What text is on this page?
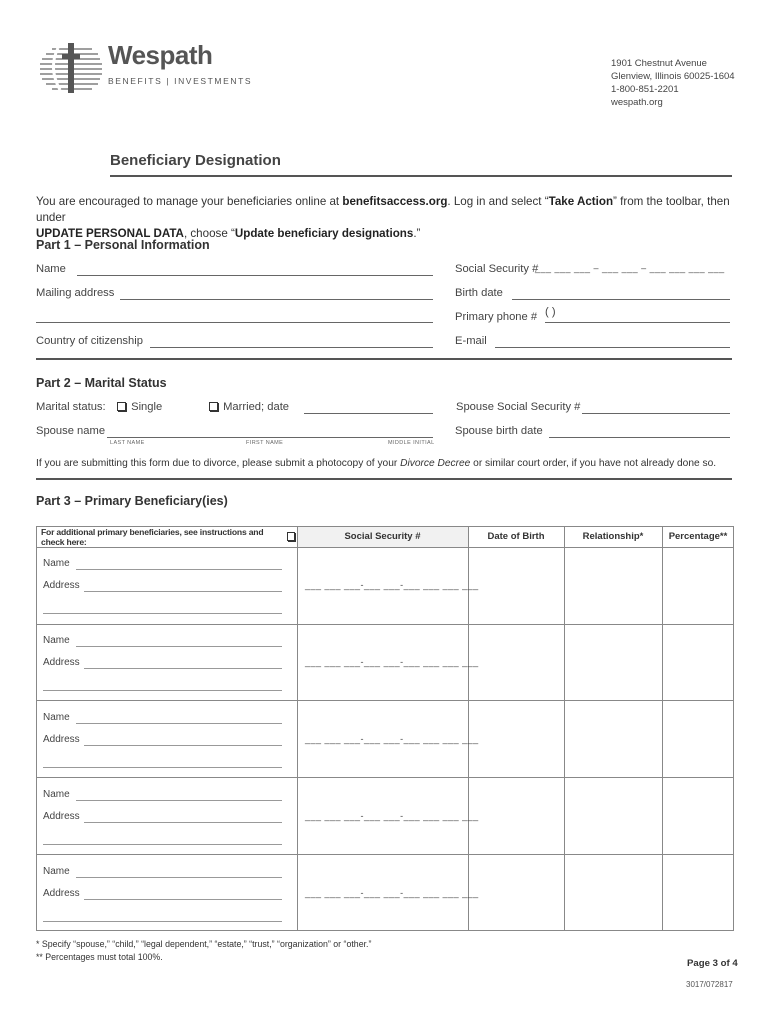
Wespath
BENEFITS | INVESTMENTS
1901 Chestnut Avenue
Glenview, Illinois 60025-1604
1-800-851-2201
wespath.org
Beneficiary Designation
You are encouraged to manage your beneficiaries online at benefitsaccess.org. Log in and select “Take Action” from the toolbar, then under
UPDATE PERSONAL DATA, choose “Update beneficiary designations.”
Part 1 – Personal Information
Name	Social Security #
___ ___ ___ – ___ ___ – ___ ___ ___ ___
Mailing address	Birth date
Primary phone # ( )
Country of citizenship	E-mail
Part 2 – Marital Status
Marital status:	Single	Married; date	Spouse Social Security #
Spouse name
LAST NAME	FIRST NAME	MIDDLE INITIAL
Spouse birth date
If you are submitting this form due to divorce, please submit a photocopy of your Divorce Decree or similar court order, if you have not already done so.
Part 3 – Primary Beneficiary(ies)
For additional primary beneficiaries, see instructions and check here:
	Social Security #	Date of Birth	Relationship*	Percentage**
Name
Address	___ ___ ___-___ ___-___ ___ ___ ___
Name
Address	___ ___ ___-___ ___-___ ___ ___ ___
Name
Address	___ ___ ___-___ ___-___ ___ ___ ___
Name
Address	___ ___ ___-___ ___-___ ___ ___ ___
Name
Address	___ ___ ___-___ ___-___ ___ ___ ___
* Specify “spouse,” “child,” “legal dependent,” “estate,” “trust,” “organization” or “other.”
** Percentages must total 100%.
Page 3 of 4
3017/072817
